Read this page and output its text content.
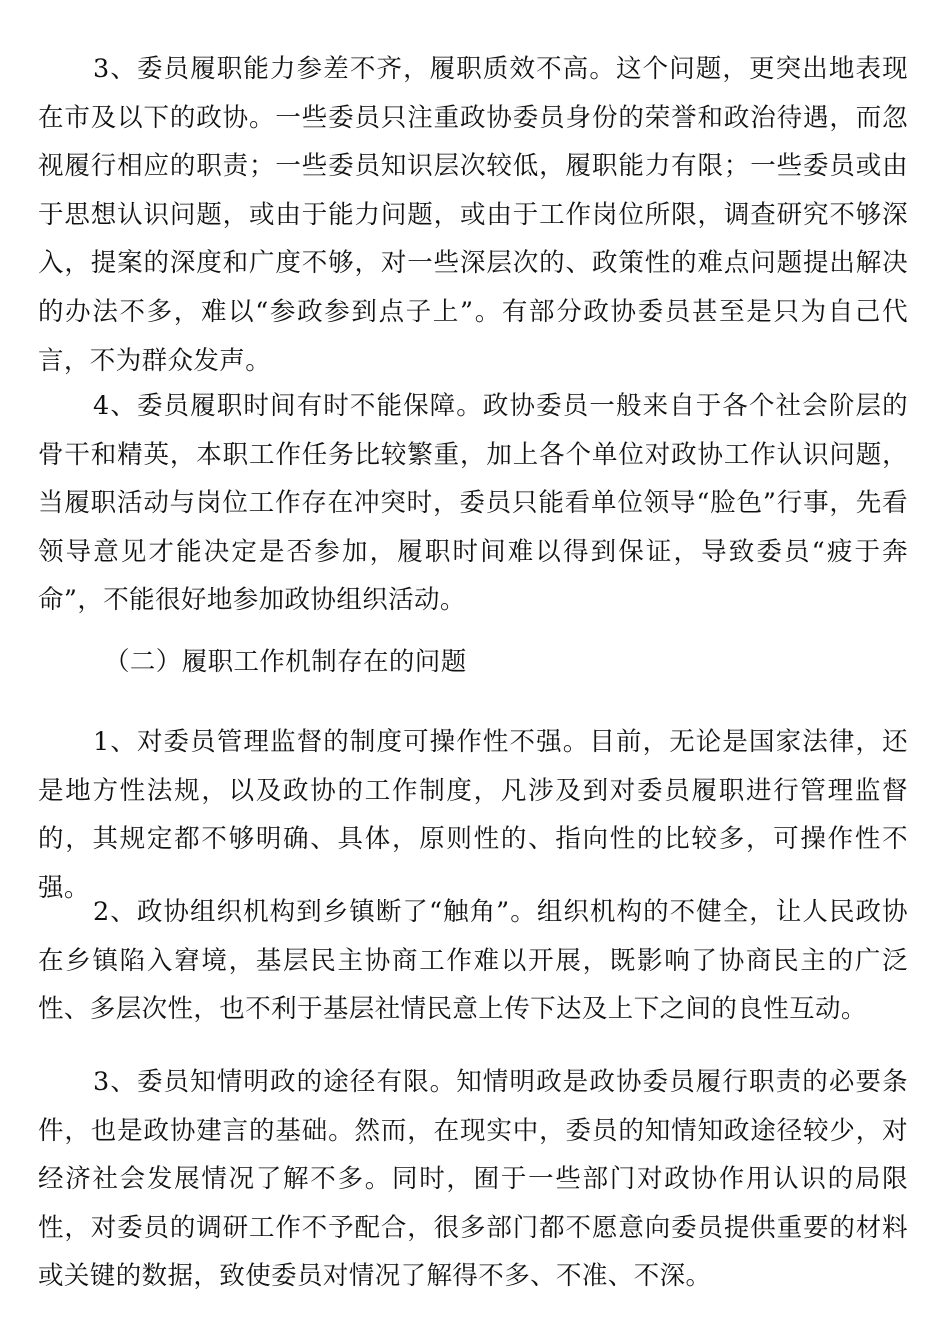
3、委员履职能力参差不齐，履职质效不高。这个问题，更突出地表现在市及以下的政协。一些委员只注重政协委员身份的荣誉和政治待遇，而忽视履行相应的职责；一些委员知识层次较低，履职能力有限；一些委员或由于思想认识问题，或由于能力问题，或由于工作岗位所限，调查研究不够深入，提案的深度和广度不够，对一些深层次的、政策性的难点问题提出解决的办法不多，难以“参政参到点子上”。有部分政协委员甚至是只为自己代言，不为群众发声。

4、委员履职时间有时不能保障。政协委员一般来自于各个社会阶层的骨干和精英，本职工作任务比较繁重，加上各个单位对政协工作认识问题，当履职活动与岗位工作存在冲突时，委员只能看单位领导“脸色”行事，先看领导意见才能决定是否参加，履职时间难以得到保证，导致委员“疲于奔命”，不能很好地参加政协组织活动。

（二）履职工作机制存在的问题

1、对委员管理监督的制度可操作性不强。目前，无论是国家法律，还是地方性法规，以及政协的工作制度，凡涉及到对委员履职进行管理监督的，其规定都不够明确、具体，原则性的、指向性的比较多，可操作性不强。

2、政协组织机构到乡镇断了“触角”。组织机构的不健全，让人民政协在乡镇陷入窘境，基层民主协商工作难以开展，既影响了协商民主的广泛性、多层次性，也不利于基层社情民意上传下达及上下之间的良性互动。

3、委员知情明政的途径有限。知情明政是政协委员履行职责的必要条件，也是政协建言的基础。然而，在现实中，委员的知情知政途径较少，对经济社会发展情况了解不多。同时，囿于一些部门对政协作用认识的局限性，对委员的调研工作不予配合，很多部门都不愿意向委员提供重要的材料或关键的数据，致使委员对情况了解得不多、不准、不深。
